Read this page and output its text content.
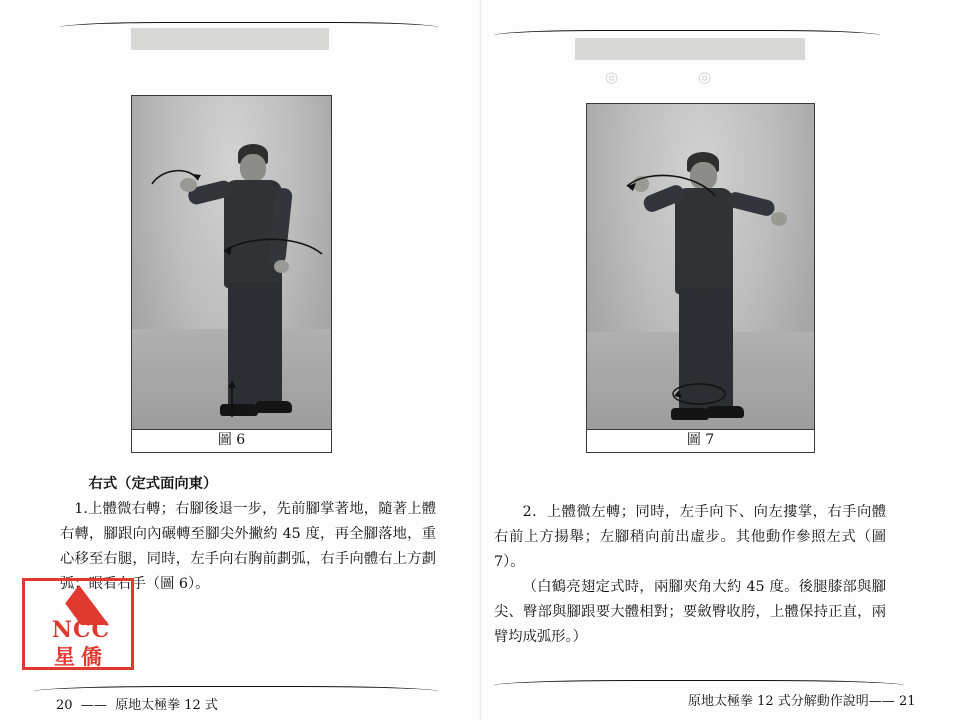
圖 6
右式（定式面向東）
1.上體微右轉；右腳後退一步，先前腳掌著地，隨著上體右轉，腳跟向內碾轉至腳尖外撇約 45 度，再全腳落地，重心移至右腿，同時，左手向右胸前劃弧，右手向體右上方劃弧；眼看右手（圖 6）。
20  ——  原地太極拳 12 式
NCC
星僑
◎　　　　◎
圖 7
2．上體微左轉；同時，左手向下、向左摟掌，右手向體右前上方揚舉；左腳稍向前出虛步。其他動作參照左式（圖 7）。
（白鶴亮翅定式時，兩腳夾角大約 45 度。後腿膝部與腳尖、臀部與腳跟要大體相對；要斂臀收胯，上體保持正直，兩臂均成弧形。）
原地太極拳 12 式分解動作說明—— 21
